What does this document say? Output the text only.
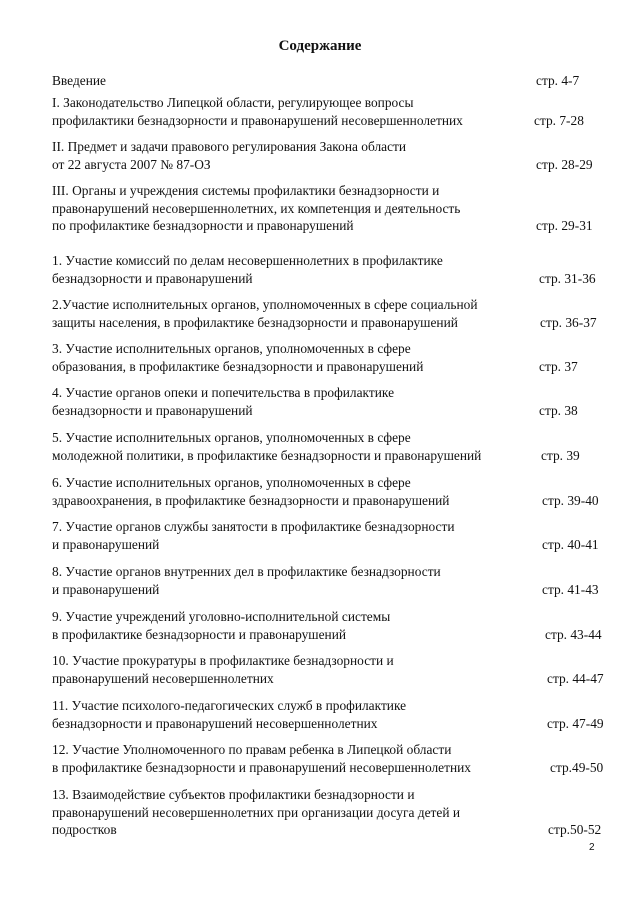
Содержание
Введение	стр. 4-7
I. Законодательство Липецкой области, регулирующее вопросы
профилактики безнадзорности и правонарушений несовершеннолетних	стр. 7-28
II. Предмет и задачи правового регулирования Закона области
от 22 августа 2007 № 87-ОЗ	стр. 28-29
III. Органы и учреждения системы профилактики безнадзорности и
правонарушений несовершеннолетних, их компетенция и деятельность
по профилактике безнадзорности и правонарушений	стр. 29-31
1. Участие комиссий по делам несовершеннолетних в профилактике
безнадзорности и правонарушений	стр. 31-36
2.Участие исполнительных органов, уполномоченных в сфере социальной
защиты населения, в профилактике безнадзорности и правонарушений	стр. 36-37
3. Участие исполнительных органов, уполномоченных в сфере
образования, в профилактике безнадзорности и правонарушений	стр. 37
4. Участие органов опеки и попечительства в профилактике
безнадзорности и правонарушений	стр. 38
5. Участие исполнительных органов, уполномоченных в сфере
молодежной политики, в профилактике безнадзорности и правонарушений	стр. 39
6. Участие исполнительных органов, уполномоченных в сфере
здравоохранения, в профилактике безнадзорности и правонарушений	стр. 39-40
7. Участие органов службы занятости в профилактике безнадзорности
и правонарушений	стр. 40-41
8. Участие органов внутренних дел в профилактике безнадзорности
и правонарушений	стр. 41-43
9. Участие учреждений уголовно-исполнительной системы
в профилактике безнадзорности и правонарушений	стр. 43-44
10. Участие прокуратуры в профилактике безнадзорности и
правонарушений несовершеннолетних	стр. 44-47
11. Участие психолого-педагогических служб в профилактике
безнадзорности и правонарушений несовершеннолетних	стр. 47-49
12. Участие Уполномоченного по правам ребенка в Липецкой области
в профилактике безнадзорности и правонарушений несовершеннолетних	стр.49-50
13. Взаимодействие субъектов профилактики безнадзорности и
правонарушений несовершеннолетних при организации досуга детей и
подростков	стр.50-52
2
